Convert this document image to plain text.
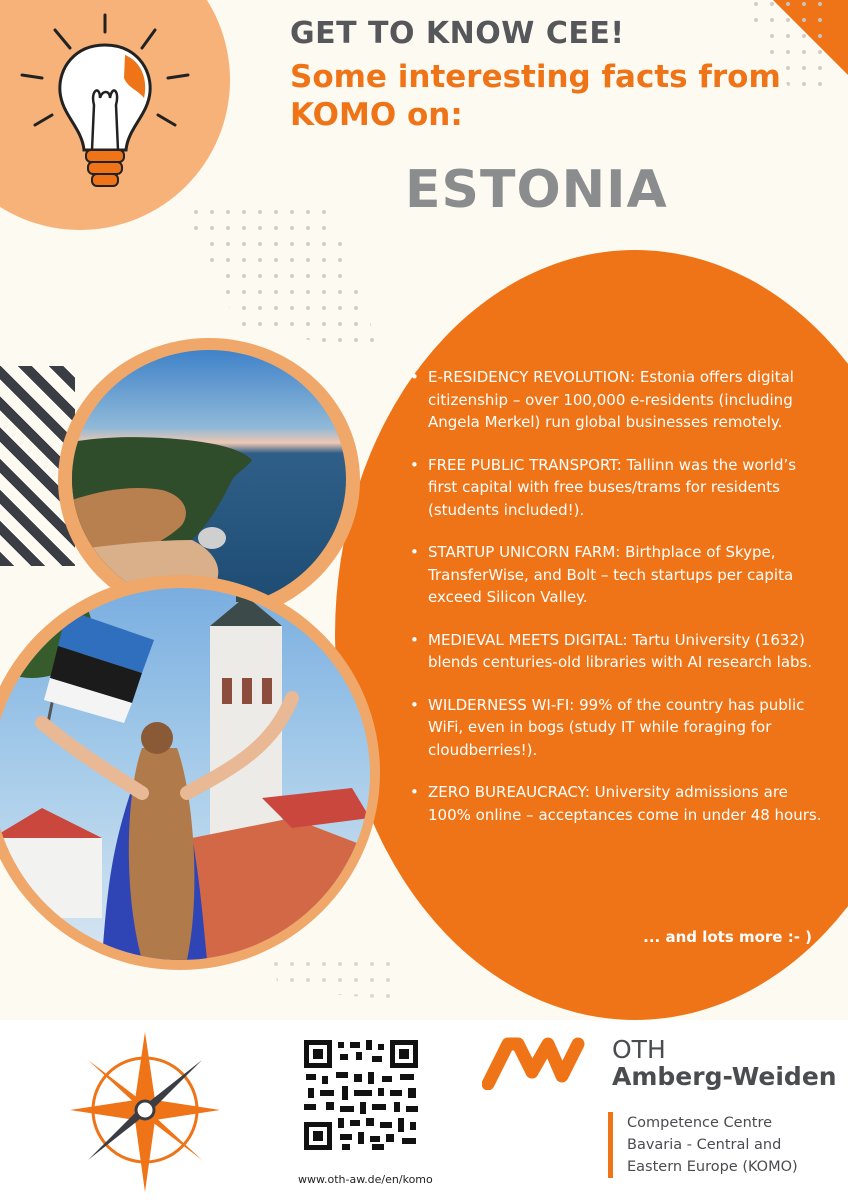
GET TO KNOW CEE!
Some interesting facts from KOMO on:
ESTONIA
• E-RESIDENCY REVOLUTION: Estonia offers digital citizenship – over 100,000 e-residents (including Angela Merkel) run global businesses remotely.
• FREE PUBLIC TRANSPORT: Tallinn was the world’s first capital with free buses/trams for residents (students included!).
• STARTUP UNICORN FARM: Birthplace of Skype, TransferWise, and Bolt – tech startups per capita exceed Silicon Valley.
• MEDIEVAL MEETS DIGITAL: Tartu University (1632) blends centuries-old libraries with AI research labs.
• WILDERNESS WI-FI: 99% of the country has public WiFi, even in bogs (study IT while foraging for cloudberries!).
• ZERO BUREAUCRACY: University admissions are 100% online – acceptances come in under 48 hours.
... and lots more :- )
www.oth-aw.de/en/komo
OTH
Amberg-Weiden
Competence Centre
Bavaria - Central and
Eastern Europe (KOMO)
